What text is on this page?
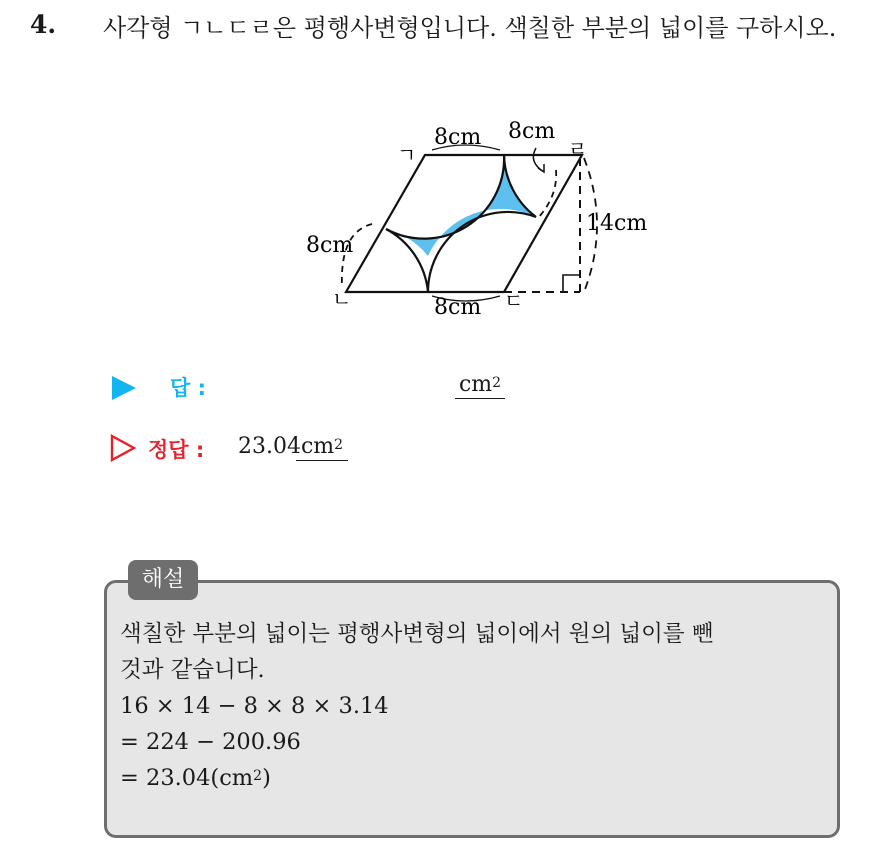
4. 사각형 ㄱㄴㄷㄹ은 평행사변형입니다. 색칠한 부분의 넓이를 구하시오.
ㄱ
ㄴ	ㄷ
ㄹ
8cm 8cm
8cm
8cm
14cm
답 :	$cm^2$
정답 : 23.04 $cm^2$
해설
색칠한 부분의 넓이는 평행사변형의 넓이에서 원의 넓이를 뺀
것과 같습니다.
16 × 14 − 8 × 8 × 3.14
= 224 − 200.96
= $23.04(cm^2)$
